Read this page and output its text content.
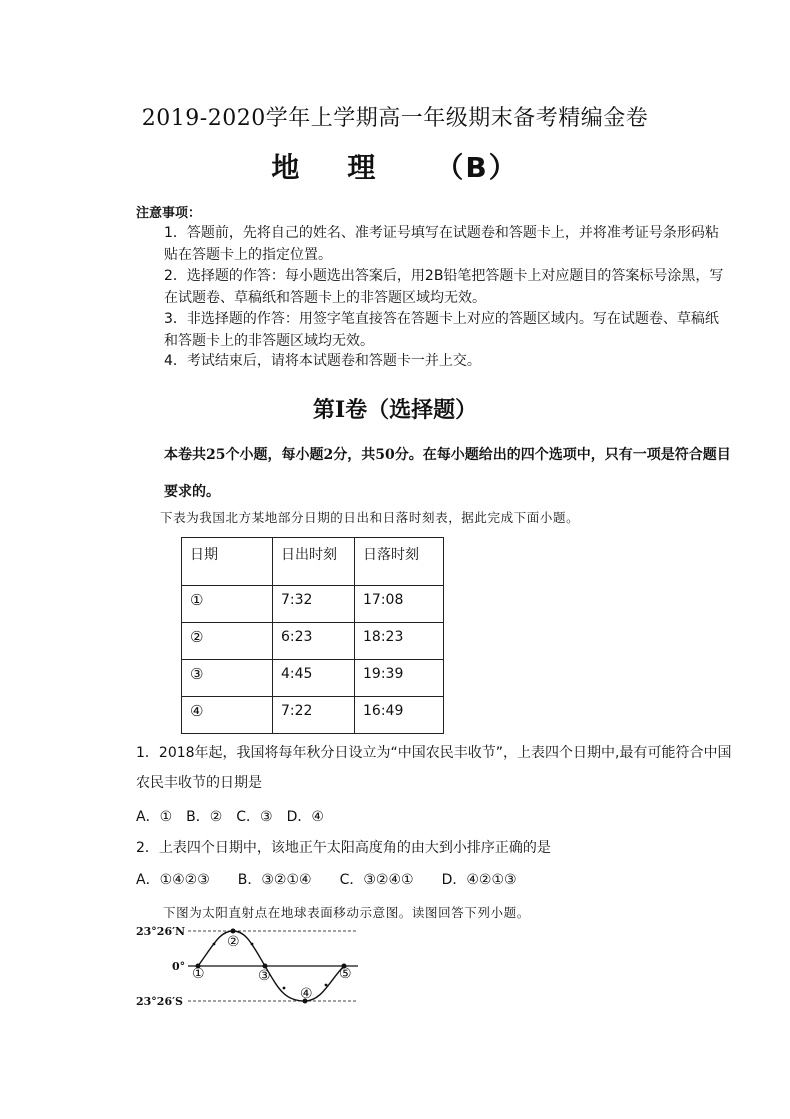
2019-2020学年上学期高一年级期末备考精编金卷
地 理 （B）
注意事项：
1．答题前，先将自己的姓名、准考证号填写在试题卷和答题卡上，并将准考证号条形码粘贴在答题卡上的指定位置。
2．选择题的作答：每小题选出答案后，用2B铅笔把答题卡上对应题目的答案标号涂黑，写在试题卷、草稿纸和答题卡上的非答题区域均无效。
3．非选择题的作答：用签字笔直接答在答题卡上对应的答题区域内。写在试题卷、草稿纸和答题卡上的非答题区域均无效。
4．考试结束后，请将本试题卷和答题卡一并上交。
第Ⅰ卷（选择题）
本卷共25个小题，每小题2分，共50分。在每小题给出的四个选项中，只有一项是符合题目要求的。
下表为我国北方某地部分日期的日出和日落时刻表，据此完成下面小题。
日期	日出时刻	日落时刻
①	7:32	17:08
②	6:23	18:23
③	4:45	19:39
④	7:22	16:49
1．2018年起，我国将每年秋分日设立为“中国农民丰收节”，上表四个日期中,最有可能符合中国农民丰收节的日期是
A．①　B．②　C．③　D．④
2．上表四个日期中，该地正午太阳高度角的由大到小排序正确的是
A．①④②③　　B．③②①④　　C．③②④①　　D．④②①③
下图为太阳直射点在地球表面移动示意图。读图回答下列小题。
23°26′N
0°
23°26′S
①
②
③
④
⑤
